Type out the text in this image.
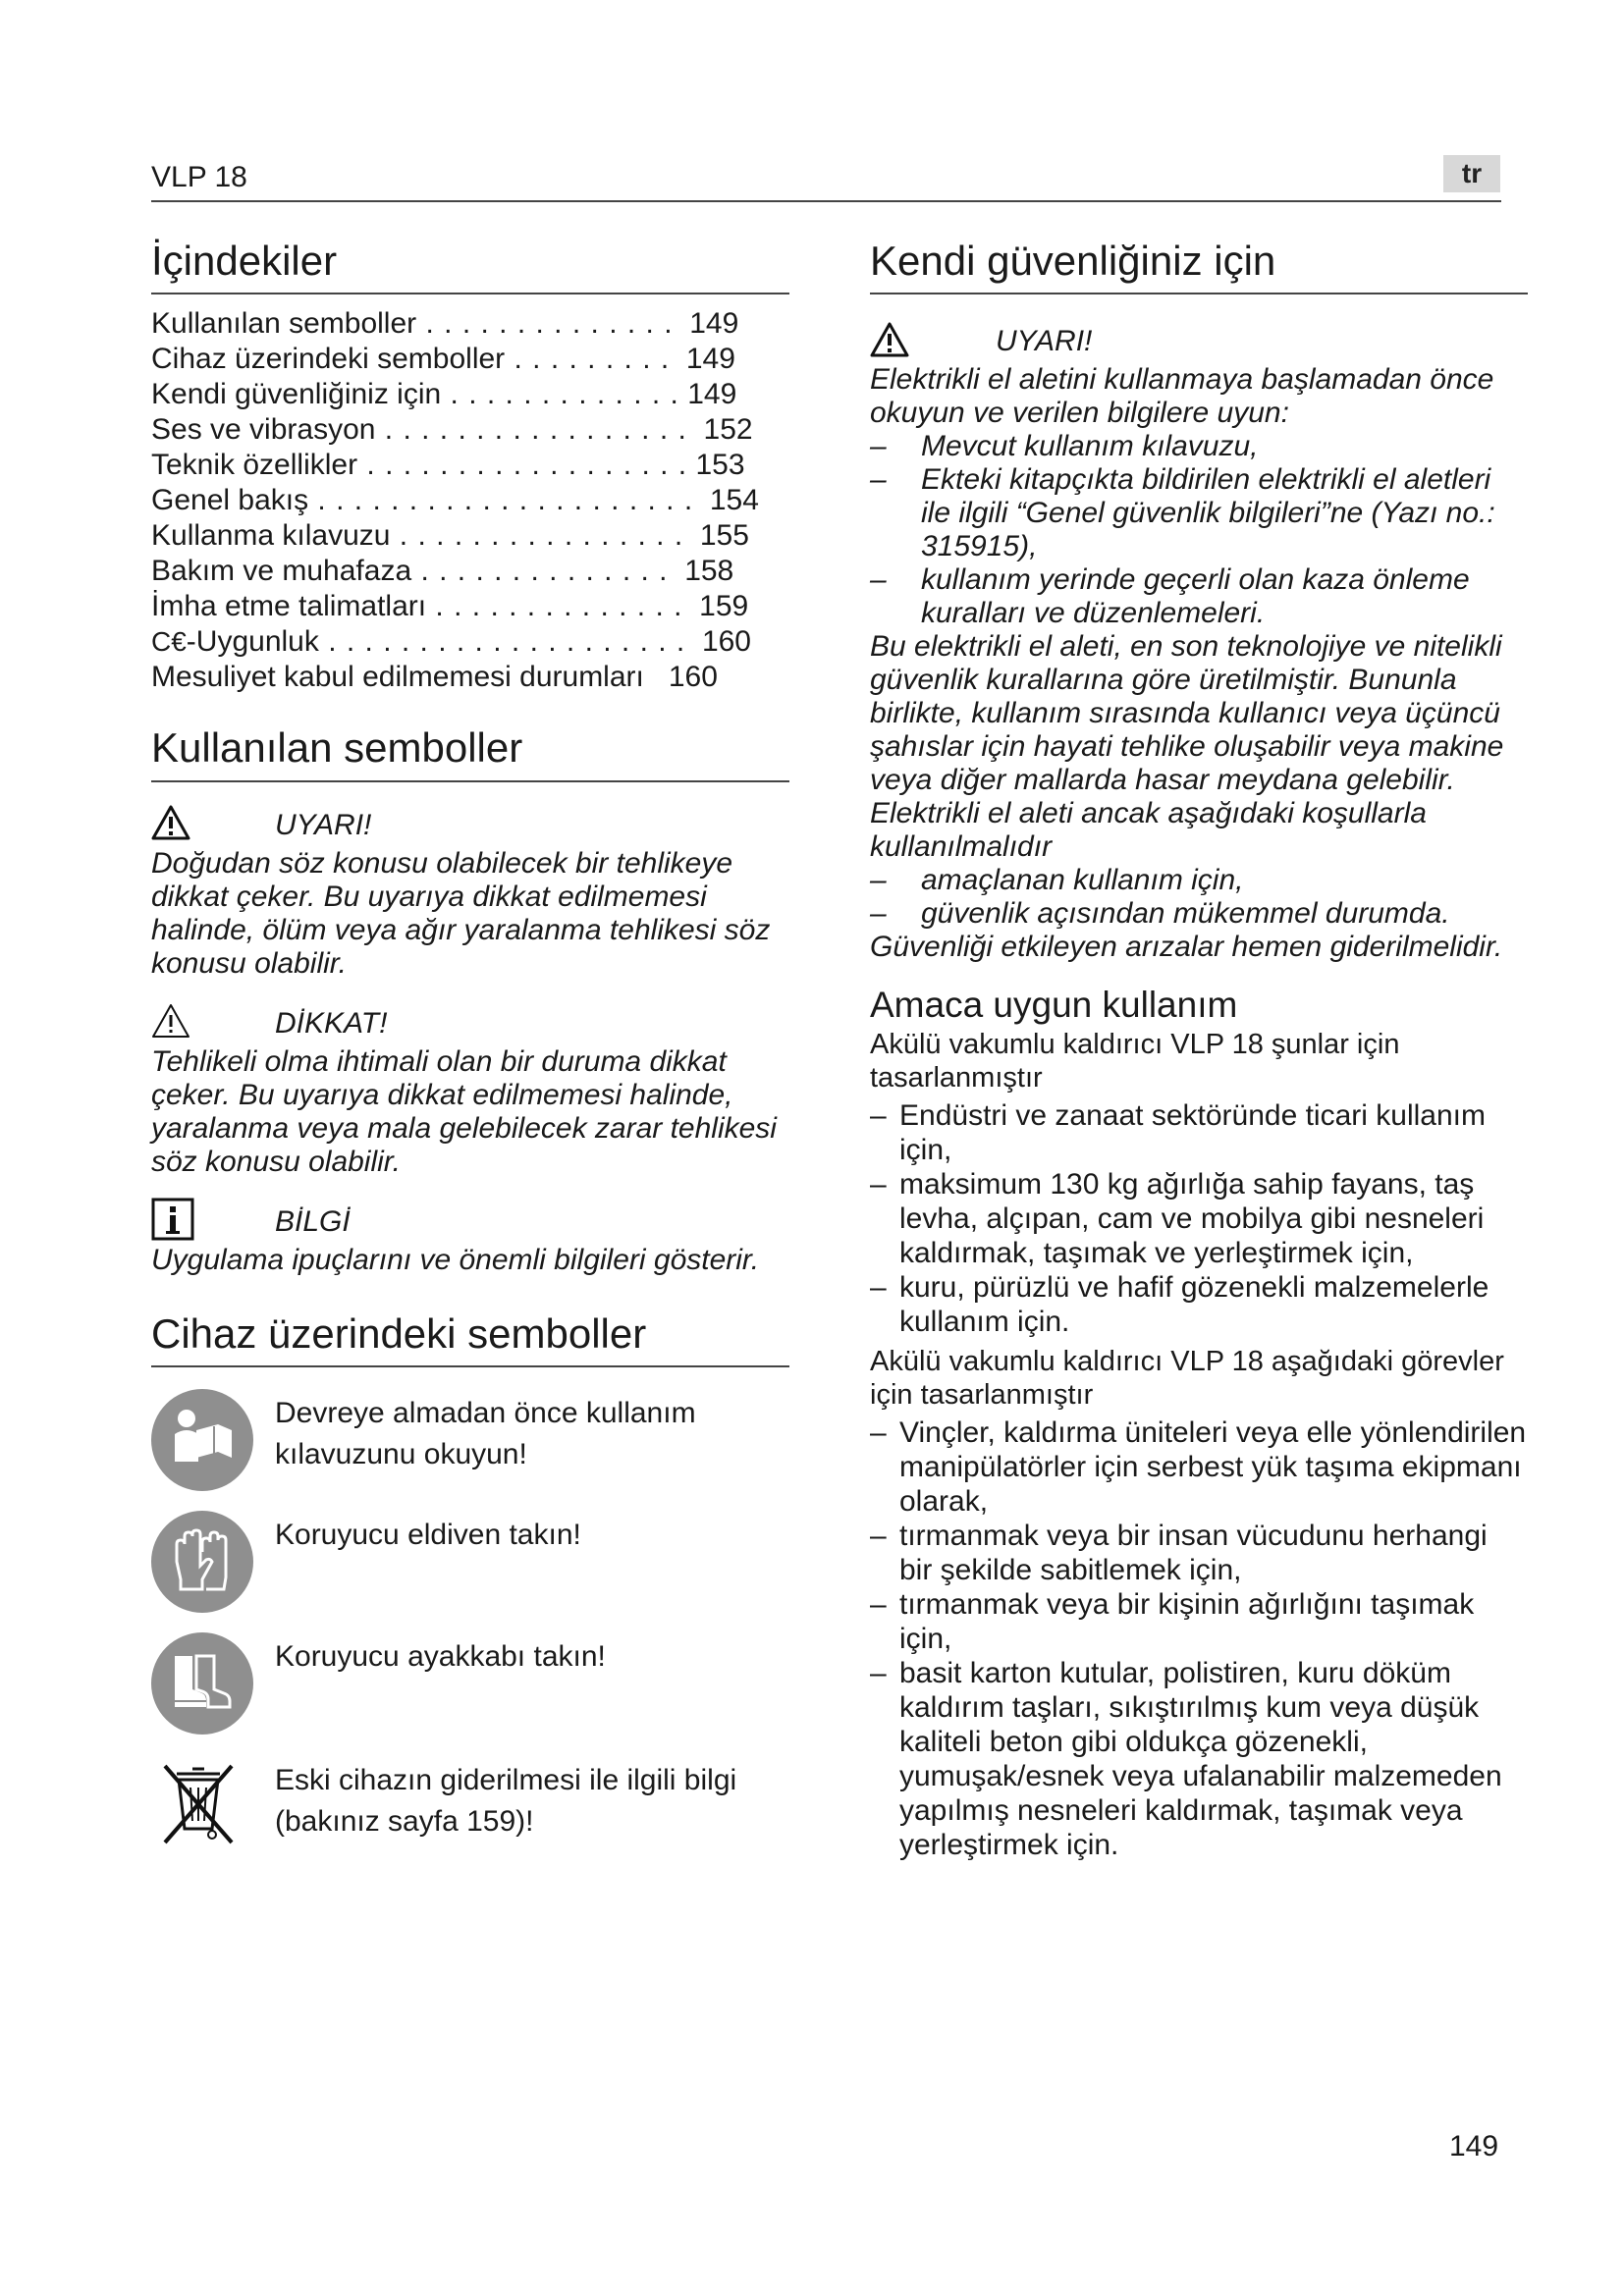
VLP 18	tr
İçindekiler
Kullanılan semboller . . . . . . . . . . . . . . 149
Cihaz üzerindeki semboller . . . . . . . . . 149
Kendi güvenliğiniz için . . . . . . . . . . . . . 149
Ses ve vibrasyon . . . . . . . . . . . . . . . . . 152
Teknik özellikler . . . . . . . . . . . . . . . . . . 153
Genel bakış . . . . . . . . . . . . . . . . . . . . . 154
Kullanma kılavuzu . . . . . . . . . . . . . . . . 155
Bakım ve muhafaza . . . . . . . . . . . . . . 158
İmha etme talimatları . . . . . . . . . . . . . . 159
C€-Uygunluk . . . . . . . . . . . . . . . . . . . . 160
Mesuliyet kabul edilmemesi durumları 160
Kullanılan semboller
UYARI!
Doğudan söz konusu olabilecek bir tehlikeye dikkat çeker. Bu uyarıya dikkat edilmemesi halinde, ölüm veya ağır yaralanma tehlikesi söz konusu olabilir.
DİKKAT!
Tehlikeli olma ihtimali olan bir duruma dikkat çeker. Bu uyarıya dikkat edilmemesi halinde, yaralanma veya mala gelebilecek zarar tehlikesi söz konusu olabilir.
BİLGİ
Uygulama ipuçlarını ve önemli bilgileri gösterir.
Cihaz üzerindeki semboller
Devreye almadan önce kullanım kılavuzunu okuyun!
Koruyucu eldiven takın!
Koruyucu ayakkabı takın!
Eski cihazın giderilmesi ile ilgili bilgi (bakınız sayfa 159)!
Kendi güvenliğiniz için
UYARI!
Elektrikli el aletini kullanmaya başlamadan önce okuyun ve verilen bilgilere uyun:
– Mevcut kullanım kılavuzu,
– Ekteki kitapçıkta bildirilen elektrikli el aletleri ile ilgili “Genel güvenlik bilgileri”ne (Yazı no.: 315915),
– kullanım yerinde geçerli olan kaza önleme kuralları ve düzenlemeleri.
Bu elektrikli el aleti, en son teknolojiye ve nitelikli güvenlik kurallarına göre üretilmiştir. Bununla birlikte, kullanım sırasında kullanıcı veya üçüncü şahıslar için hayati tehlike oluşabilir veya makine veya diğer mallarda hasar meydana gelebilir. Elektrikli el aleti ancak aşağıdaki koşullarla kullanılmalıdır
– amaçlanan kullanım için,
– güvenlik açısından mükemmel durumda.
Güvenliği etkileyen arızalar hemen giderilmelidir.
Amaca uygun kullanım
Akülü vakumlu kaldırıcı VLP 18 şunlar için tasarlanmıştır
– Endüstri ve zanaat sektöründe ticari kullanım için,
– maksimum 130 kg ağırlığa sahip fayans, taş levha, alçıpan, cam ve mobilya gibi nesneleri kaldırmak, taşımak ve yerleştirmek için,
– kuru, pürüzlü ve hafif gözenekli malzemelerle kullanım için.
Akülü vakumlu kaldırıcı VLP 18 aşağıdaki görevler için tasarlanmıştır
– Vinçler, kaldırma üniteleri veya elle yönlendirilen manipülatörler için serbest yük taşıma ekipmanı olarak,
– tırmanmak veya bir insan vücudunu herhangi bir şekilde sabitlemek için,
– tırmanmak veya bir kişinin ağırlığını taşımak için,
– basit karton kutular, polistiren, kuru döküm kaldırım taşları, sıkıştırılmış kum veya düşük kaliteli beton gibi oldukça gözenekli, yumuşak/esnek veya ufalanabilir malzemeden yapılmış nesneleri kaldırmak, taşımak veya yerleştirmek için.
149
